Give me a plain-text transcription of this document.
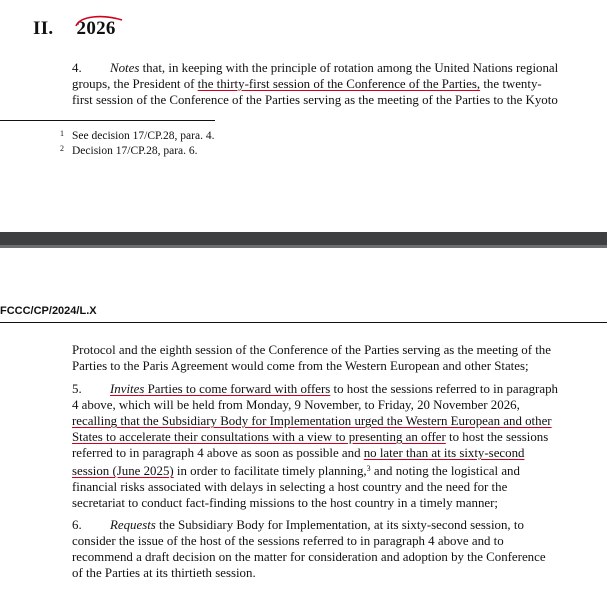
II. 2026
4. Notes that, in keeping with the principle of rotation among the United Nations regional
groups, the President of the thirty-first session of the Conference of the Parties, the twenty-
first session of the Conference of the Parties serving as the meeting of the Parties to the Kyoto
$^1$ See decision 17/CP.28, para. 4.
$^2$ Decision 17/CP.28, para. 6.
FCCC/CP/2024/L.X
Protocol and the eighth session of the Conference of the Parties serving as the meeting of the
Parties to the Paris Agreement would come from the Western European and other States;
5. Invites Parties to come forward with offers to host the sessions referred to in paragraph
4 above, which will be held from Monday, 9 November, to Friday, 20 November 2026,
recalling that the Subsidiary Body for Implementation urged the Western European and other
States to accelerate their consultations with a view to presenting an offer to host the sessions
referred to in paragraph 4 above as soon as possible and no later than at its sixty-second
session (June 2025) in order to facilitate timely planning,$^3$ and noting the logistical and
financial risks associated with delays in selecting a host country and the need for the
secretariat to conduct fact-finding missions to the host country in a timely manner;
6. Requests the Subsidiary Body for Implementation, at its sixty-second session, to
consider the issue of the host of the sessions referred to in paragraph 4 above and to
recommend a draft decision on the matter for consideration and adoption by the Conference
of the Parties at its thirtieth session.
